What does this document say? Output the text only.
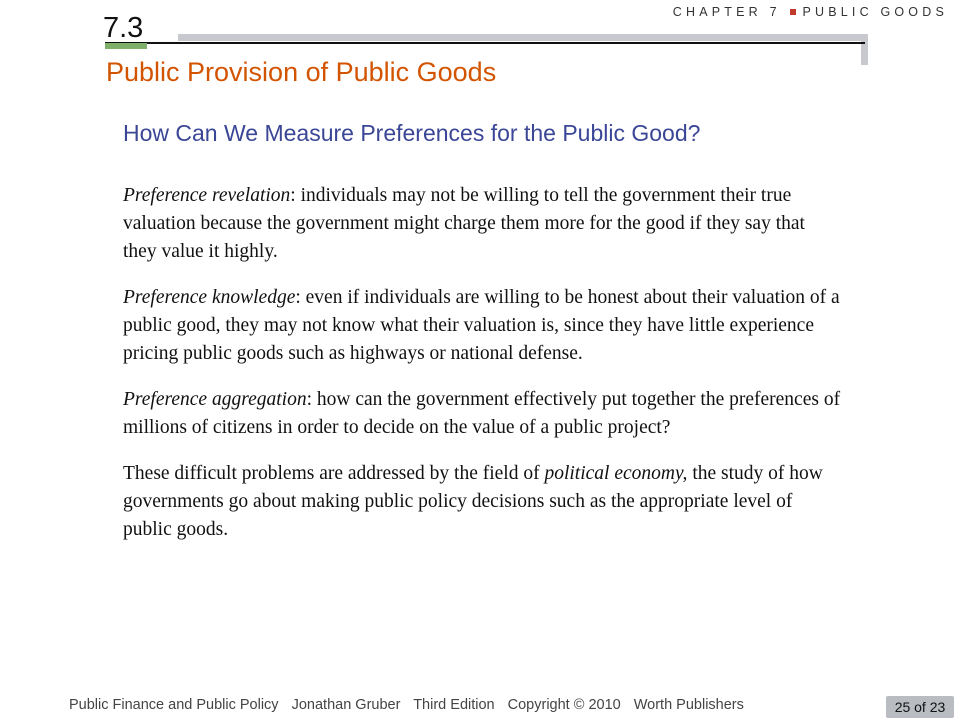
CHAPTER 7 PUBLIC GOODS
7.3
Public Provision of Public Goods
How Can We Measure Preferences for the Public Good?

Preference revelation: individuals may not be willing to tell the government their true valuation because the government might charge them more for the good if they say that they value it highly.

Preference knowledge: even if individuals are willing to be honest about their valuation of a public good, they may not know what their valuation is, since they have little experience pricing public goods such as highways or national defense.

Preference aggregation: how can the government effectively put together the preferences of millions of citizens in order to decide on the value of a public project?

These difficult problems are addressed by the field of political economy, the study of how governments go about making public policy decisions such as the appropriate level of public goods.

Public Finance and Public Policy Jonathan Gruber Third Edition Copyright © 2010 Worth Publishers	25 of 23
